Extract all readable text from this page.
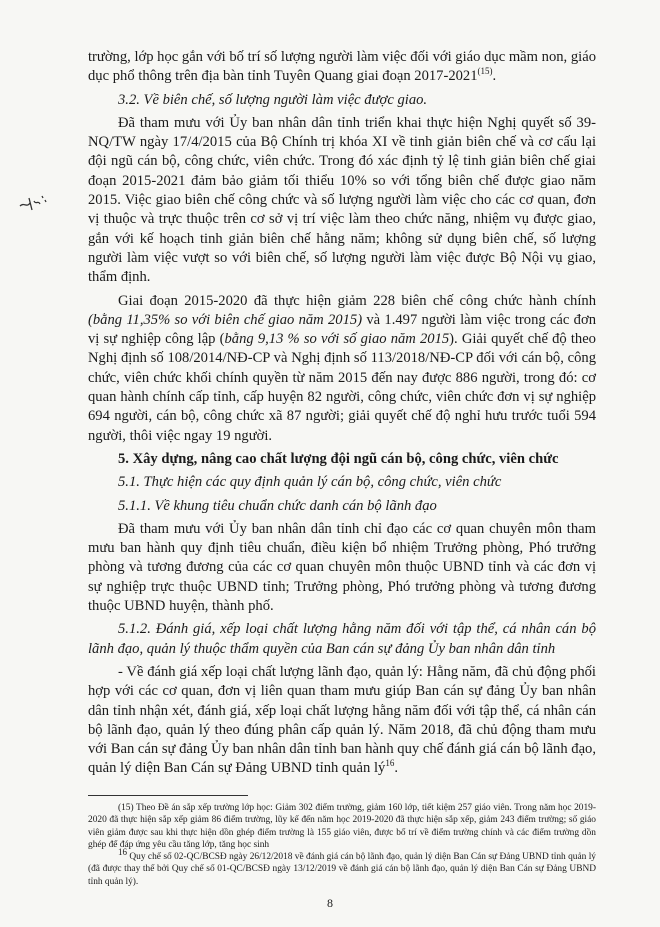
trường, lớp học gắn với bố trí số lượng người làm việc đối với giáo dục mầm non, giáo dục phổ thông trên địa bàn tỉnh Tuyên Quang giai đoạn 2017-2021$^{(15)}$.

3.2. Về biên chế, số lượng người làm việc được giao.

Đã tham mưu với Ủy ban nhân dân tỉnh triển khai thực hiện Nghị quyết số 39-NQ/TW ngày 17/4/2015 của Bộ Chính trị khóa XI về tinh giản biên chế và cơ cấu lại đội ngũ cán bộ, công chức, viên chức. Trong đó xác định tỷ lệ tinh giản biên chế giai đoạn 2015-2021 đảm bảo giảm tối thiểu 10% so với tổng biên chế được giao năm 2015. Việc giao biên chế công chức và số lượng người làm việc cho các cơ quan, đơn vị thuộc và trực thuộc trên cơ sở vị trí việc làm theo chức năng, nhiệm vụ được giao, gắn với kế hoạch tinh giản biên chế hằng năm; không sử dụng biên chế, số lượng người làm việc vượt so với biên chế, số lượng người làm việc được Bộ Nội vụ giao, thẩm định.

Giai đoạn 2015-2020 đã thực hiện giảm 228 biên chế công chức hành chính (bằng 11,35% so với biên chế giao năm 2015) và 1.497 người làm việc trong các đơn vị sự nghiệp công lập (bằng 9,13 % so với số giao năm 2015). Giải quyết chế độ theo Nghị định số 108/2014/NĐ-CP và Nghị định số 113/2018/NĐ-CP đối với cán bộ, công chức, viên chức khối chính quyền từ năm 2015 đến nay được 886 người, trong đó: cơ quan hành chính cấp tỉnh, cấp huyện 82 người, công chức, viên chức đơn vị sự nghiệp 694 người, cán bộ, công chức xã 87 người; giải quyết chế độ nghỉ hưu trước tuổi 594 người, thôi việc ngay 19 người.

5. Xây dựng, nâng cao chất lượng đội ngũ cán bộ, công chức, viên chức

5.1. Thực hiện các quy định quản lý cán bộ, công chức, viên chức

5.1.1. Về khung tiêu chuẩn chức danh cán bộ lãnh đạo

Đã tham mưu với Ủy ban nhân dân tỉnh chỉ đạo các cơ quan chuyên môn tham mưu ban hành quy định tiêu chuẩn, điều kiện bổ nhiệm Trưởng phòng, Phó trưởng phòng và tương đương của các cơ quan chuyên môn thuộc UBND tỉnh và các đơn vị sự nghiệp trực thuộc UBND tỉnh; Trưởng phòng, Phó trưởng phòng và tương đương thuộc UBND huyện, thành phố.

5.1.2. Đánh giá, xếp loại chất lượng hằng năm đối với tập thể, cá nhân cán bộ lãnh đạo, quản lý thuộc thẩm quyền của Ban cán sự đảng Ủy ban nhân dân tỉnh

- Về đánh giá xếp loại chất lượng lãnh đạo, quản lý: Hằng năm, đã chủ động phối hợp với các cơ quan, đơn vị liên quan tham mưu giúp Ban cán sự đảng Ủy ban nhân dân tỉnh nhận xét, đánh giá, xếp loại chất lượng hằng năm đối với tập thể, cá nhân cán bộ lãnh đạo, quản lý theo đúng phân cấp quản lý. Năm 2018, đã chủ động tham mưu với Ban cán sự đảng Ủy ban nhân dân tỉnh ban hành quy chế đánh giá cán bộ lãnh đạo, quản lý diện Ban Cán sự Đảng UBND tỉnh quản $lý^{16}$.

(15) Theo Đề án sắp xếp trường lớp học: Giảm 302 điểm trường, giảm 160 lớp, tiết kiệm 257 giáo viên. Trong năm học 2019-2020 đã thực hiện sắp xếp giảm 86 điểm trường, lũy kế đến năm học 2019-2020 đã thực hiện sắp xếp, giảm 243 điểm trường; số giáo viên giảm được sau khi thực hiện dồn ghép điểm trường là 155 giáo viên, được bố trí về điểm trường chính và các điểm trường dồn ghép để đáp ứng yêu cầu tăng lớp, tăng học sinh

$^{16}$ Quy chế số 02-QC/BCSĐ ngày 26/12/2018 về đánh giá cán bộ lãnh đạo, quản lý diện Ban Cán sự Đảng UBND tỉnh quản lý (đã được thay thế bởi Quy chế số 01-QC/BCSĐ ngày 13/12/2019 về đánh giá cán bộ lãnh đạo, quản lý diện Ban Cán sự Đảng UBND tỉnh quản lý).

8
